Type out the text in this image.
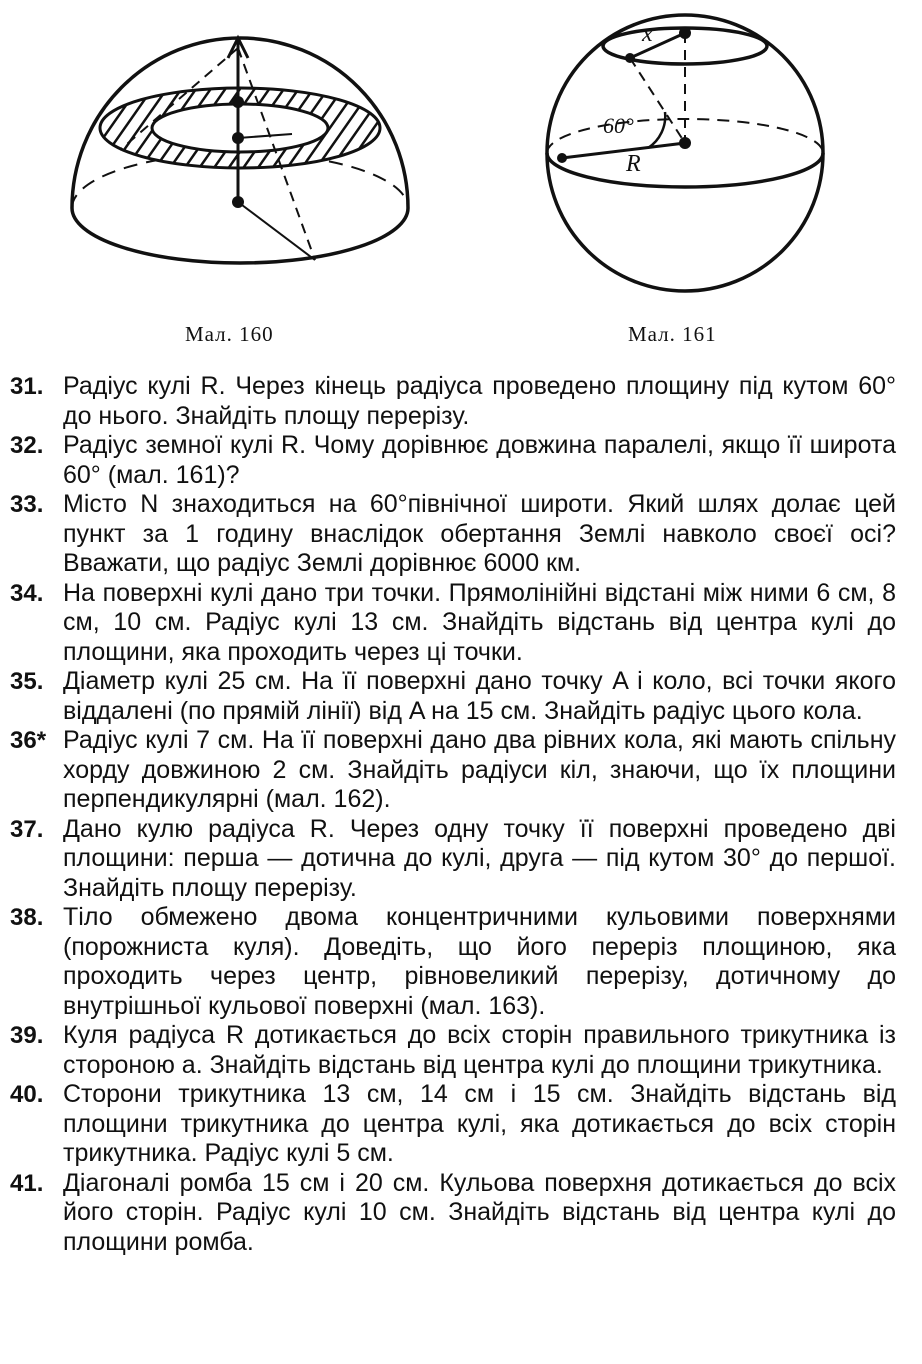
Мал. 160
x
60°
R
Мал. 161
31. Радіус кулі R. Через кінець радіуса проведено площину під кутом 60° до нього. Знайдіть площу перерізу.
32. Радіус земної кулі R. Чому дорівнює довжина паралелі, якщо її широта 60° (мал. 161)?
33. Місто N знаходиться на 60°північної широти. Який шлях долає цей пункт за 1 годину внаслідок обертання Землі навколо своєї осі? Вважати, що радіус Землі дорівнює 6000 км.
34. На поверхні кулі дано три точки. Прямолінійні відстані між ними 6 см, 8 см, 10 см. Радіус кулі 13 см. Знайдіть відстань від центра кулі до площини, яка проходить через ці точки.
35. Діаметр кулі 25 см. На її поверхні дано точку A і коло, всі точки якого віддалені (по прямій лінії) від A на 15 см. Знайдіть радіус цього кола.
36* Радіус кулі 7 см. На її поверхні дано два рівних кола, які мають спільну хорду довжиною 2 см. Знайдіть радіуси кіл, знаючи, що їх площини перпендикулярні (мал. 162).
37. Дано кулю радіуса R. Через одну точку її поверхні проведено дві площини: перша — дотична до кулі, друга — під кутом 30° до першої. Знайдіть площу перерізу.
38. Тіло обмежено двома концентричними кульовими поверхнями (порожниста куля). Доведіть, що його переріз площиною, яка проходить через центр, рівновеликий перерізу, дотичному до внутрішньої кульової поверхні (мал. 163).
39. Куля радіуса R дотикається до всіх сторін правильного трикутника із стороною a. Знайдіть відстань від центра кулі до площини трикутника.
40. Сторони трикутника 13 см, 14 см і 15 см. Знайдіть відстань від площини трикутника до центра кулі, яка дотикається до всіх сторін трикутника. Радіус кулі 5 см.
41. Діагоналі ромба 15 см і 20 см. Кульова поверхня дотикається до всіх його сторін. Радіус кулі 10 см. Знайдіть відстань від центра кулі до площини ромба.
